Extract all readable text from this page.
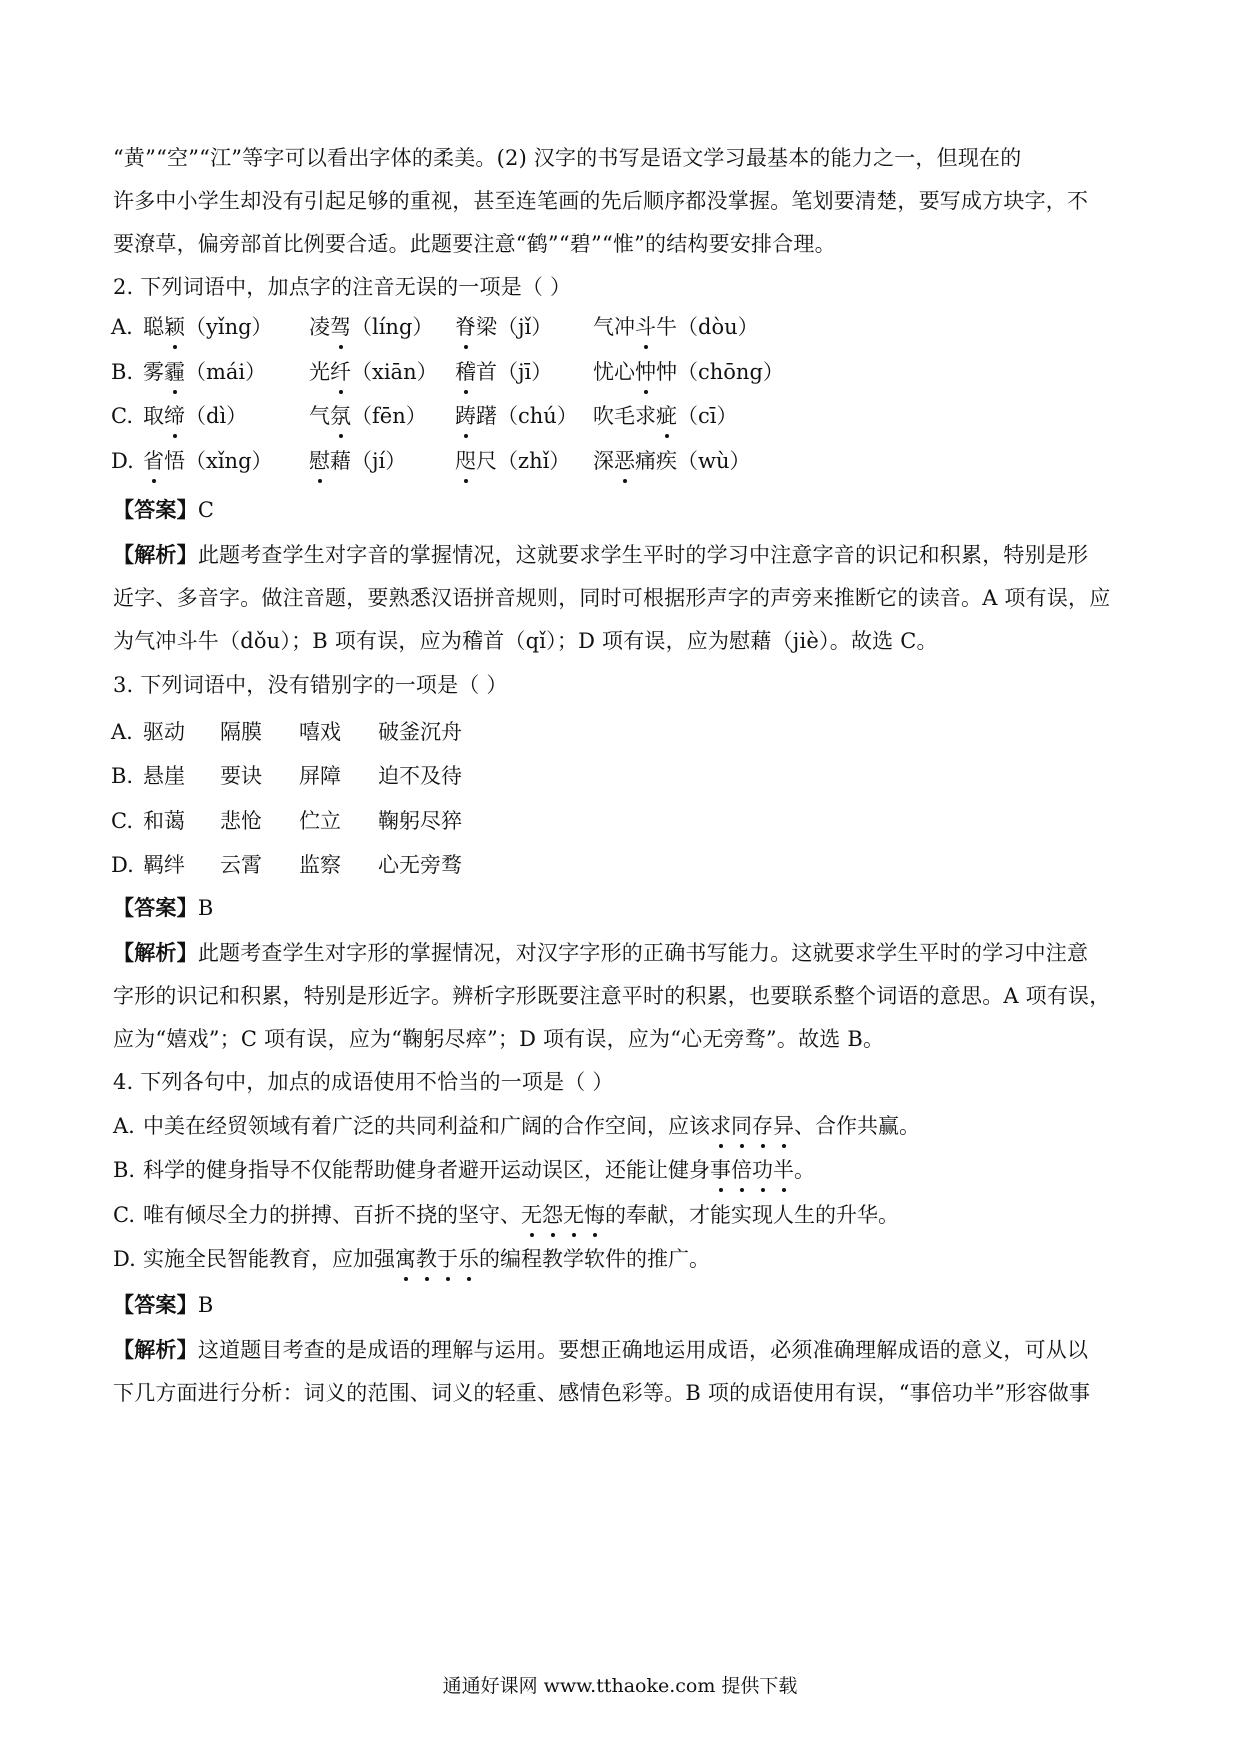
“黄”“空”“江”等字可以看出字体的柔美。(2) 汉字的书写是语文学习最基本的能力之一，但现在的
许多中小学生却没有引起足够的重视，甚至连笔画的先后顺序都没掌握。笔划要清楚，要写成方块字，不
要潦草，偏旁部首比例要合适。此题要注意“鹤”“碧”“惟”的结构要安排合理。
2. 下列词语中，加点字的注音无误的一项是（ ）
A. 聪颖（yǐng） 凌驾（líng） 脊梁（jǐ） 气冲斗牛（dòu）
B. 雾霾（mái） 光纤（xiān） 稽首（jī） 忧心忡忡（chōng）
C. 取缔（dì）	气氛（fēn） 踌躇（chú） 吹毛求疵（cī）
D. 省悟（xǐng） 慰藉（jí） 咫尺（zhǐ） 深恶痛疾（wù）
【答案】C
【解析】此题考查学生对字音的掌握情况，这就要求学生平时的学习中注意字音的识记和积累，特别是形
近字、多音字。做注音题，要熟悉汉语拼音规则，同时可根据形声字的声旁来推断它的读音。A 项有误，应
为气冲斗牛（dǒu）；B 项有误，应为稽首（qǐ）；D 项有误，应为慰藉（jiè）。故选 C。
3. 下列词语中，没有错别字的一项是（ ）
A. 驱动 隔膜 嘻戏 破釜沉舟
B. 悬崖 要诀 屏障 迫不及待
C. 和蔼 悲怆 伫立 鞠躬尽猝
D. 羁绊 云霄 监察 心无旁骛
【答案】B
【解析】此题考查学生对字形的掌握情况，对汉字字形的正确书写能力。这就要求学生平时的学习中注意
字形的识记和积累，特别是形近字。辨析字形既要注意平时的积累，也要联系整个词语的意思。A 项有误，
应为“嬉戏”；C 项有误，应为“鞠躬尽瘁”；D 项有误，应为“心无旁骛”。故选 B。
4. 下列各句中，加点的成语使用不恰当的一项是（ ）
A. 中美在经贸领域有着广泛的共同利益和广阔的合作空间，应该求同存异、合作共赢。
B. 科学的健身指导不仅能帮助健身者避开运动误区，还能让健身事倍功半。
C. 唯有倾尽全力的拼搏、百折不挠的坚守、无怨无悔的奉献，才能实现人生的升华。
D. 实施全民智能教育，应加强寓教于乐的编程教学软件的推广。
【答案】B
【解析】这道题目考查的是成语的理解与运用。要想正确地运用成语，必须准确理解成语的意义，可从以
下几方面进行分析：词义的范围、词义的轻重、感情色彩等。B 项的成语使用有误，“事倍功半”形容做事
通通好课网 www.tthaoke.com 提供下载
